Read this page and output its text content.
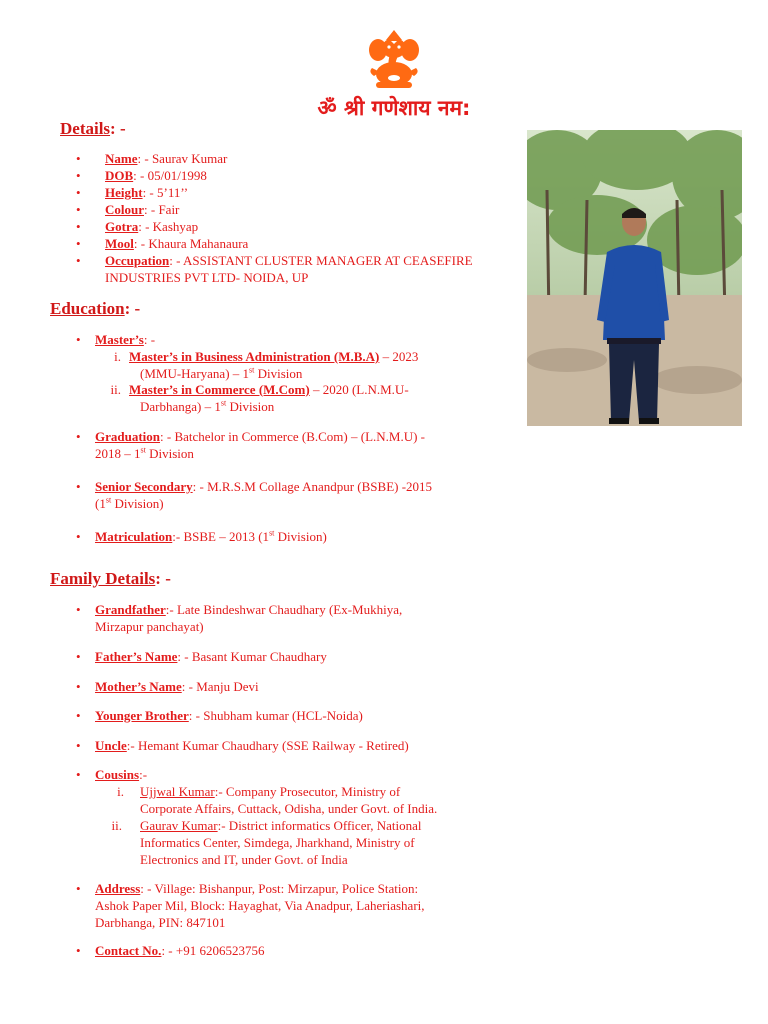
ॐ श्री गणेशाय नम:
Details: -
• Name: - Saurav Kumar
• DOB: - 05/01/1998
• Height: - 5’11’’
• Colour: - Fair
• Gotra: - Kashyap
• Mool: - Khaura Mahanaura
• Occupation: - ASSISTANT CLUSTER MANAGER AT CEASEFIRE
INDUSTRIES PVT LTD- NOIDA, UP
Education: -
• Master’s: -
i. Master’s in Business Administration (M.B.A) – 2023
(MMU-Haryana) – 1st Division
ii. Master’s in Commerce (M.Com) – 2020 (L.N.M.U-
Darbhanga) – 1st Division
• Graduation: - Batchelor in Commerce (B.Com) – (L.N.M.U) -
2018 – 1st Division
• Senior Secondary: - M.R.S.M Collage Anandpur (BSBE) -2015
(1st Division)
• Matriculation:- BSBE – 2013 (1st Division)
Family Details: -
• Grandfather:- Late Bindeshwar Chaudhary (Ex-Mukhiya,
Mirzapur panchayat)
• Father’s Name: - Basant Kumar Chaudhary
• Mother’s Name: - Manju Devi
• Younger Brother: - Shubham kumar (HCL-Noida)
• Uncle:- Hemant Kumar Chaudhary (SSE Railway - Retired)
• Cousins:-
i. Ujjwal Kumar:- Company Prosecutor, Ministry of
Corporate Affairs, Cuttack, Odisha, under Govt. of India.
ii. Gaurav Kumar:- District informatics Officer, National
Informatics Center, Simdega, Jharkhand, Ministry of
Electronics and IT, under Govt. of India
• Address: - Village: Bishanpur, Post: Mirzapur, Police Station:
Ashok Paper Mil, Block: Hayaghat, Via Anadpur, Laheriashari,
Darbhanga, PIN: 847101
• Contact No.: - +91 6206523756
